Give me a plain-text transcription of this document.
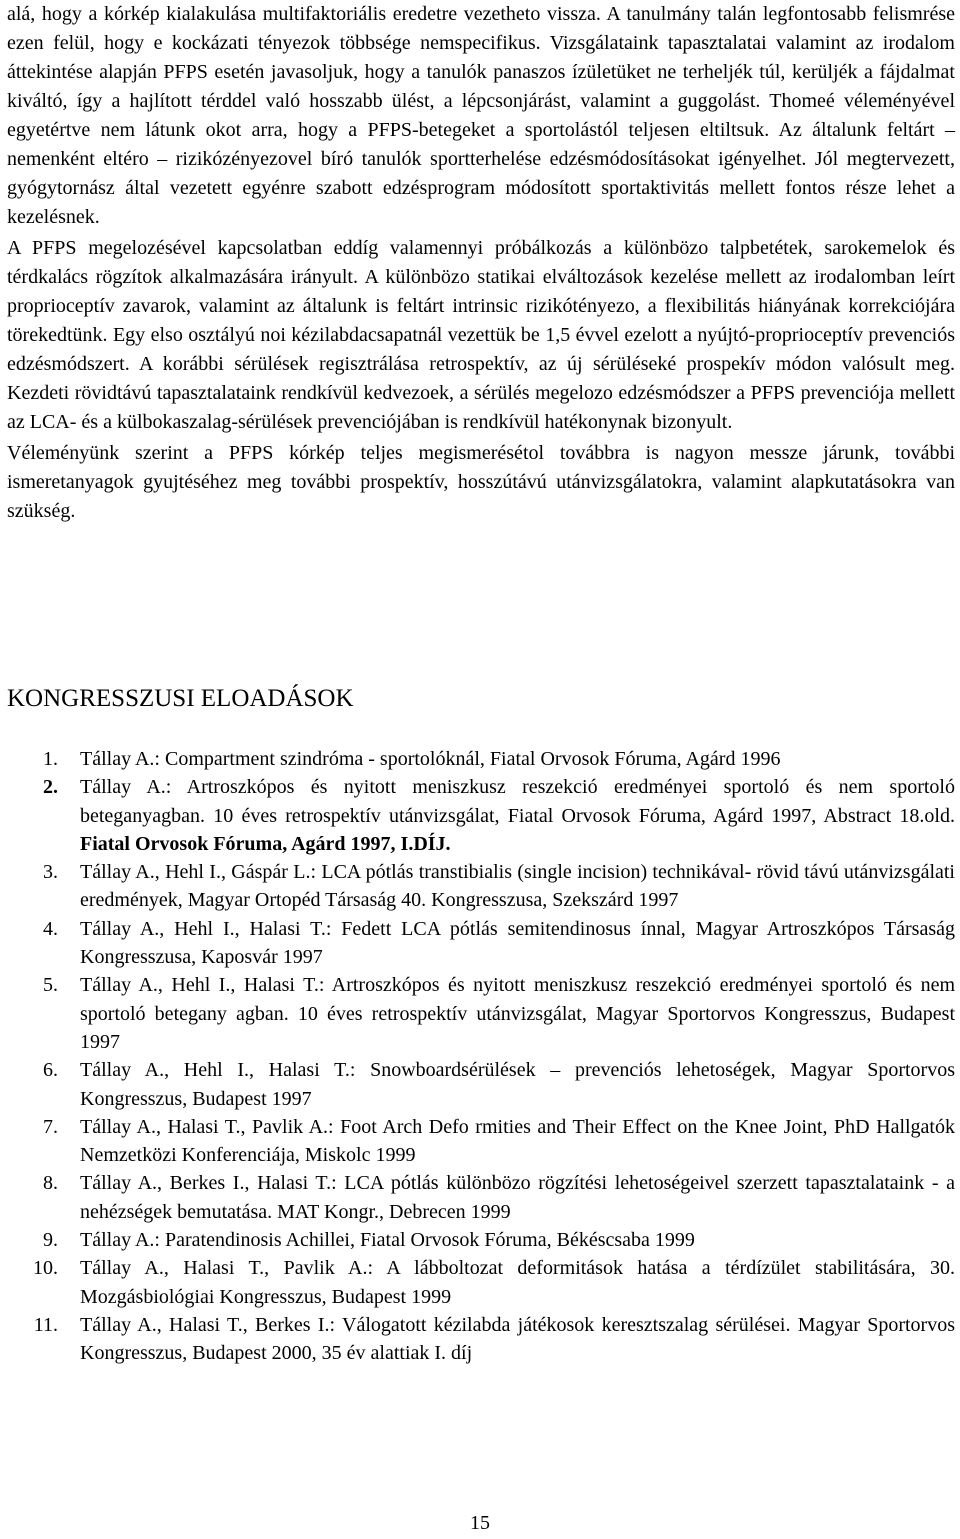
alá, hogy a kórkép kialakulása multifaktoriális eredetre vezetheto vissza. A tanulmány talán legfontosabb felismrése ezen felül, hogy e kockázati tényezok többsége nemspecifikus. Vizsgálataink tapasztalatai valamint az irodalom áttekintése alapján PFPS esetén javasoljuk, hogy a tanulók panaszos ízületüket ne terheljék túl, kerüljék a fájdalmat kiváltó, így a hajlított térddel való hosszabb ülést, a lépcsonjárást, valamint a guggolást. Thomeé véleményével egyetértve nem látunk okot arra, hogy a PFPS-betegeket a sportolástól teljesen eltiltsuk. Az általunk feltárt – nemenként eltéro – rizikózényezovel bíró tanulók sportterhelése edzésmódosításokat igényelhet. Jól megtervezett, gyógytornász által vezetett egyénre szabott edzésprogram módosított sportaktivitás mellett fontos része lehet a kezelésnek.

A PFPS megelozésével kapcsolatban eddíg valamennyi próbálkozás a különbözo talpbetétek, sarokemelok és térdkalács rögzítok alkalmazására irányult. A különbözo statikai elváltozások kezelése mellett az irodalomban leírt proprioceptív zavarok, valamint az általunk is feltárt intrinsic rizikótényezo, a flexibilitás hiányának korrekciójára törekedtünk. Egy elso osztályú noi kézilabdacsapatnál vezettük be 1,5 évvel ezelott a nyújtó-proprioceptív prevenciós edzésmódszert. A korábbi sérülések regisztrálása retrospektív, az új sérüléseké prospekív módon valósult meg. Kezdeti rövidtávú tapasztalataink rendkívül kedvezoek, a sérülés megelozo edzésmódszer a PFPS prevenciója mellett az LCA- és a külbokaszalag-sérülések prevenciójában is rendkívül hatékonynak bizonyult.

Véleményünk szerint a PFPS kórkép teljes megismerésétol továbbra is nagyon messze járunk, további ismeretanyagok gyujtéséhez meg további prospektív, hosszútávú utánvizsgálatokra, valamint alapkutatásokra van szükség.

KONGRESSZUSI ELOADÁSOK
1.	Tállay A.: Compartment szindróma - sportolóknál, Fiatal Orvosok Fóruma, Agárd 1996
2.	Tállay A.: Artroszkópos és nyitott meniszkusz reszekció eredményei sportoló és nem sportoló beteganyagban. 10 éves retrospektív utánvizsgálat, Fiatal Orvosok Fóruma, Agárd 1997, Abstract 18.old. Fiatal Orvosok Fóruma, Agárd 1997, I.DÍJ.
3.	Tállay A., Hehl I., Gáspár L.: LCA pótlás transtibialis (single incision) technikával- rövid távú utánvizsgálati eredmények, Magyar Ortopéd Társaság 40. Kongresszusa, Szekszárd 1997
4.	Tállay A., Hehl I., Halasi T.: Fedett LCA pótlás semitendinosus ínnal, Magyar Artroszkópos Társaság Kongresszusa, Kaposvár 1997
5.	Tállay A., Hehl I., Halasi T.: Artroszkópos és nyitott meniszkusz reszekció eredményei sportoló és nem sportoló betegany agban. 10 éves retrospektív utánvizsgálat, Magyar Sportorvos Kongresszus, Budapest 1997
6.	Tállay A., Hehl I., Halasi T.: Snowboardsérülések – prevenciós lehetoségek, Magyar Sportorvos Kongresszus, Budapest 1997
7.	Tállay A., Halasi T., Pavlik A.: Foot Arch Defo rmities and Their Effect on the Knee Joint, PhD Hallgatók Nemzetközi Konferenciája, Miskolc 1999
8.	Tállay A., Berkes I., Halasi T.: LCA pótlás különbözo rögzítési lehetoségeivel szerzett tapasztalataink - a nehézségek bemutatása. MAT Kongr., Debrecen 1999
9.	Tállay A.: Paratendinosis Achillei, Fiatal Orvosok Fóruma, Békéscsaba 1999
10.	Tállay A., Halasi T., Pavlik A.: A lábboltozat deformitások hatása a térdízület stabilitására, 30. Mozgásbiológiai Kongresszus, Budapest 1999
11.	Tállay A., Halasi T., Berkes I.: Válogatott kézilabda játékosok keresztszalag sérülései. Magyar Sportorvos Kongresszus, Budapest 2000, 35 év alattiak I. díj
15
